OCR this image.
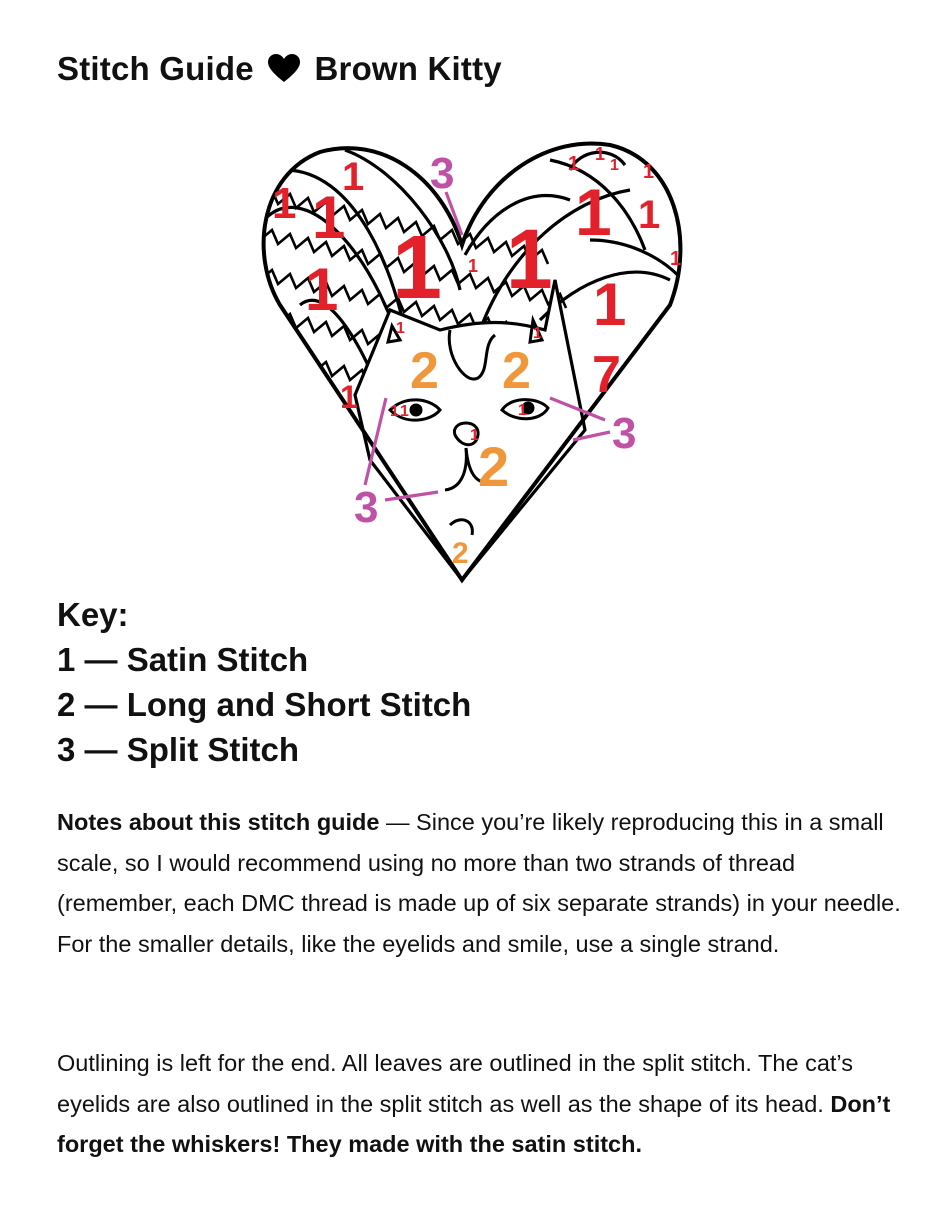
Stitch Guide Brown Kitty
1 1
1
1 1 1 1
1 1
1
1 1
1
1
1
1	1
1 1	1
1
1
7
2 2
2
2
3
3
3
Key:

1 — Satin Stitch

2 — Long and Short Stitch

3 — Split Stitch

Notes about this stitch guide — Since you’re likely reproducing this in a small scale, so I would recommend using no more than two strands of thread (remember, each DMC thread is made up of six separate strands) in your needle. For the smaller details, like the eyelids and smile, use a single strand.

Outlining is left for the end. All leaves are outlined in the split stitch. The cat’s eyelids are also outlined in the split stitch as well as the shape of its head. Don’t forget the whiskers! They made with the satin stitch.
